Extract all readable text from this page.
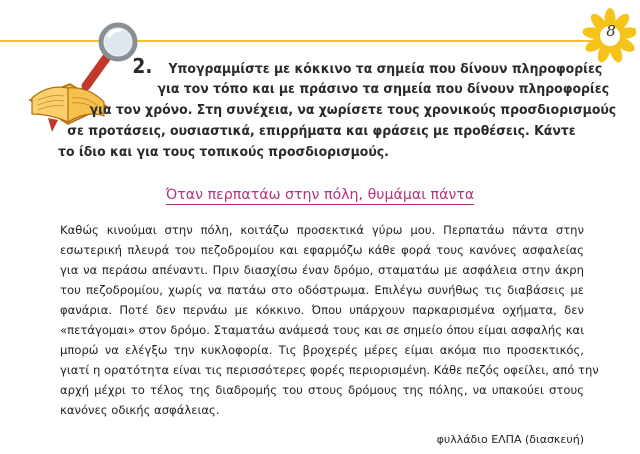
8
2. Υπογραμμίστε με κόκκινο τα σημεία που δίνουν πληροφορίες
για τον τόπο και με πράσινο τα σημεία που δίνουν πληροφορίες
για τον χρόνο. Στη συνέχεια, να χωρίσετε τους χρονικούς προσδιορισμούς
σε προτάσεις, ουσιαστικά, επιρρήματα και φράσεις με προθέσεις. Κάντε
το ίδιο και για τους τοπικούς προσδιορισμούς.
Όταν περπατάω στην πόλη, θυμάμαι πάντα
Καθώς κινούμαι στην πόλη, κοιτάζω προσεκτικά γύρω μου. Περπατάω πάντα στην
εσωτερική πλευρά του πεζοδρομίου και εφαρμόζω κάθε φορά τους κανόνες ασφαλείας
για να περάσω απέναντι. Πριν διασχίσω έναν δρόμο, σταματάω με ασφάλεια στην άκρη
του πεζοδρομίου, χωρίς να πατάω στο οδόστρωμα. Επιλέγω συνήθως τις διαβάσεις με
φανάρια. Ποτέ δεν περνάω με κόκκινο. Όπου υπάρχουν παρκαρισμένα οχήματα, δεν
«πετάγομαι» στον δρόμο. Σταματάω ανάμεσά τους και σε σημείο όπου είμαι ασφαλής και
μπορώ να ελέγξω την κυκλοφορία. Τις βροχερές μέρες είμαι ακόμα πιο προσεκτικός,
γιατί η ορατότητα είναι τις περισσότερες φορές περιορισμένη. Κάθε πεζός οφείλει, από την
αρχή μέχρι το τέλος της διαδρομής του στους δρόμους της πόλης, να υπακούει στους
κανόνες οδικής ασφάλειας.
φυλλάδιο ΕΛΠΑ (διασκευή)
